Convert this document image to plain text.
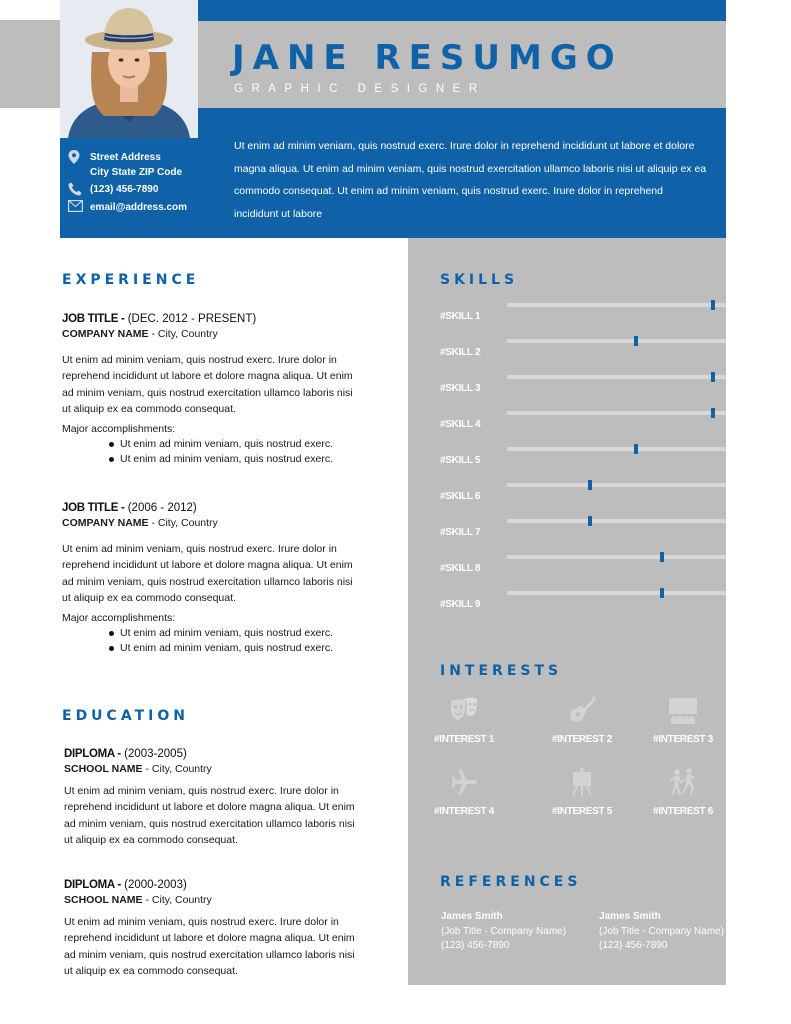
JANE RESUMGO
GRAPHIC DESIGNER
Street Address
City State ZIP Code
(123) 456-7890
email@address.com
Ut enim ad minim veniam, quis nostrud exerc. Irure dolor in reprehend incididunt ut labore et dolore magna aliqua. Ut enim ad minim veniam, quis nostrud exercitation ullamco laboris nisi ut aliquip ex ea commodo consequat. Ut enim ad minim veniam, quis nostrud exerc. Irure dolor in reprehend incididunt ut labore
EXPERIENCE
JOB TITLE - (DEC. 2012 - PRESENT)
COMPANY NAME - City, Country
Ut enim ad minim veniam, quis nostrud exerc. Irure dolor in reprehend incididunt ut labore et dolore magna aliqua. Ut enim ad minim veniam, quis nostrud exercitation ullamco laboris nisi ut aliquip ex ea commodo consequat.
Major accomplishments:
Ut enim ad minim veniam, quis nostrud exerc.
Ut enim ad minim veniam, quis nostrud exerc.
JOB TITLE - (2006 - 2012)
COMPANY NAME - City, Country
Ut enim ad minim veniam, quis nostrud exerc. Irure dolor in reprehend incididunt ut labore et dolore magna aliqua. Ut enim ad minim veniam, quis nostrud exercitation ullamco laboris nisi ut aliquip ex ea commodo consequat.
Major accomplishments:
Ut enim ad minim veniam, quis nostrud exerc.
Ut enim ad minim veniam, quis nostrud exerc.
EDUCATION
DIPLOMA - (2003-2005)
SCHOOL NAME - City, Country
Ut enim ad minim veniam, quis nostrud exerc. Irure dolor in reprehend incididunt ut labore et dolore magna aliqua. Ut enim ad minim veniam, quis nostrud exercitation ullamco laboris nisi ut aliquip ex ea commodo consequat.
DIPLOMA - (2000-2003)
SCHOOL NAME - City, Country
Ut enim ad minim veniam, quis nostrud exerc. Irure dolor in reprehend incididunt ut labore et dolore magna aliqua. Ut enim ad minim veniam, quis nostrud exercitation ullamco laboris nisi ut aliquip ex ea commodo consequat.
SKILLS
#SKILL 1
#SKILL 2
#SKILL 3
#SKILL 4
#SKILL 5
#SKILL 6
#SKILL 7
#SKILL 8
#SKILL 9
INTERESTS
#INTEREST 1	#INTEREST 2	#INTEREST 3
#INTEREST 4	#INTEREST 5	#INTEREST 6
REFERENCES
James Smith
(Job Title - Company Name)
(123) 456-7890
James Smith
(Job Title - Company Name)
(123) 456-7890
